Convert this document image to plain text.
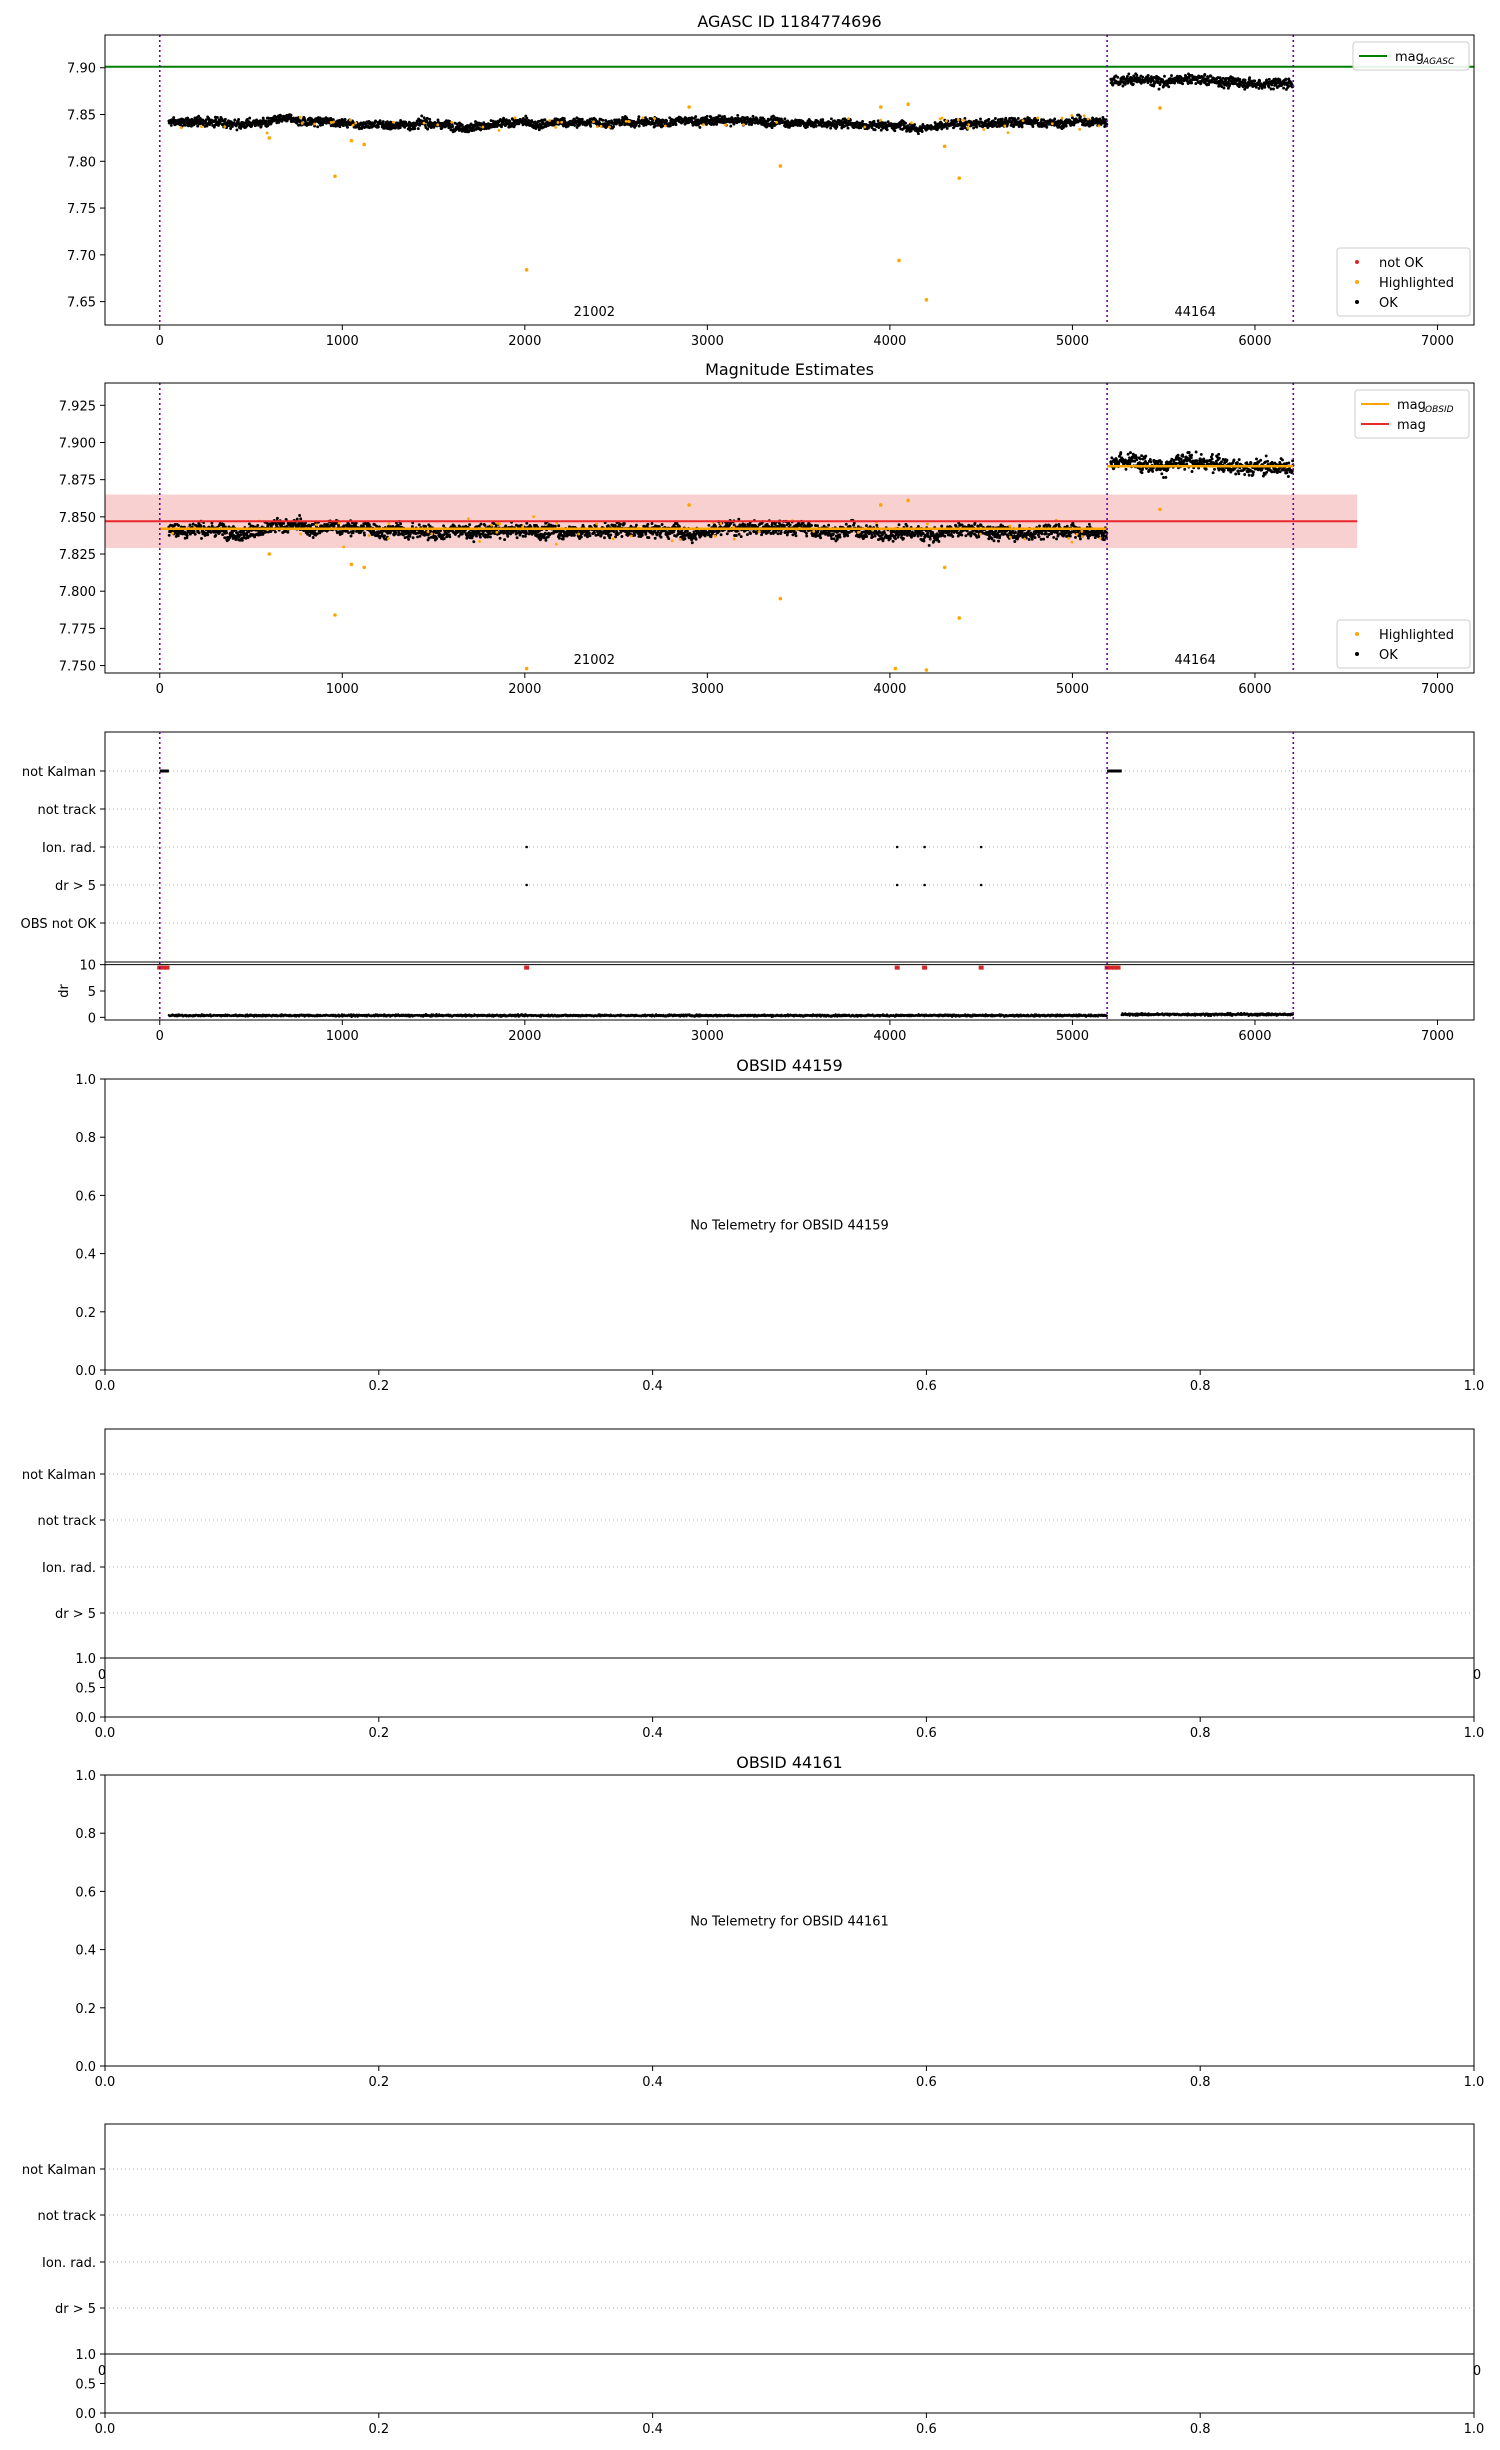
AGASC ID 1184774696
21002	44164
0	1000	2000	3000	4000	5000	6000	7000
7.65
7.70
7.75
7.80
7.85
7.90
mag AGASC
not OK
Highlighted
OK
Magnitude Estimates
21002	44164
0	1000	2000	3000	4000	5000	6000	7000
7.750
7.775
7.800
7.825
7.850
7.875
7.900
7.925	mag OBSID
mag
Highlighted
OK
not Kalman
not track
Ion. rad.
dr > 5
OBS not OK
0
5
10
dr
0	1000	2000	3000	4000	5000	6000	7000
OBSID 44159
No Telemetry for OBSID 44159
0.0
0.0
0.2
0.2
0.4
0.4
0.6
0.6
0.8
0.8
1.0
1.0
not Kalman
not track
Ion. rad.
dr > 5
0	0
0.0
0.5
1.0
0.0	0.2	0.4	0.6	0.8	1.0
OBSID 44161
No Telemetry for OBSID 44161
0.0
0.0
0.2
0.2
0.4
0.4
0.6
0.6
0.8
0.8
1.0
1.0
not Kalman
not track
Ion. rad.
dr > 5
0	0
0.0
0.5
1.0
0.0	0.2	0.4	0.6	0.8	1.0
